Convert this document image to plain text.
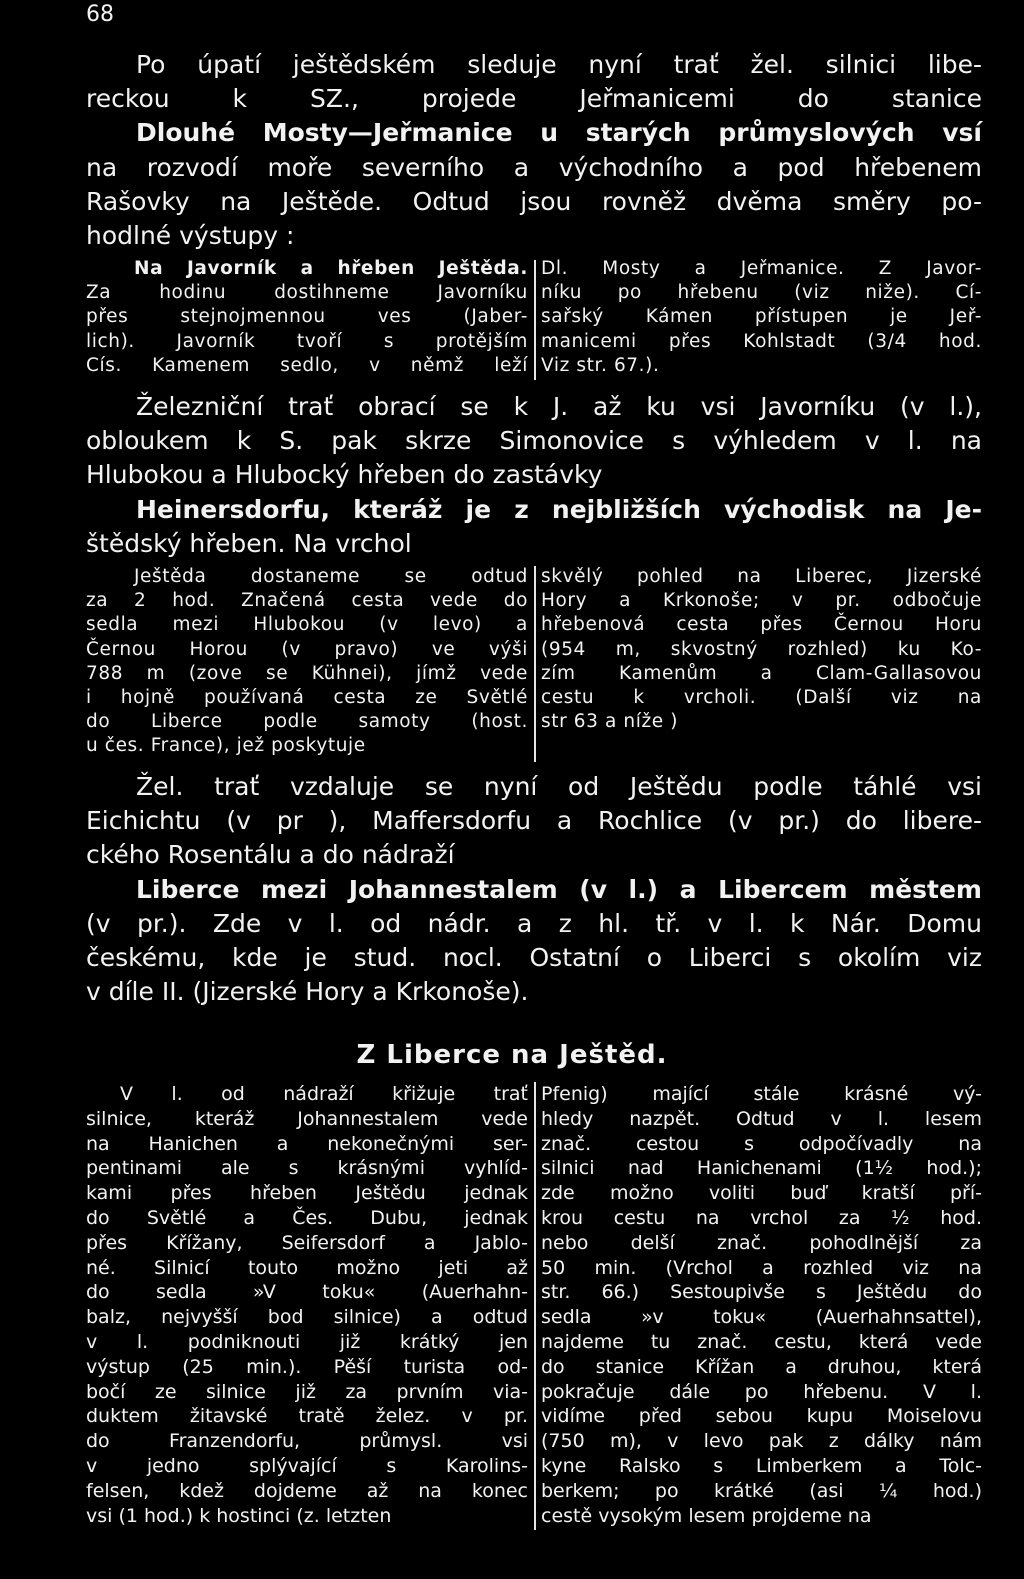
68
Po úpatí ještědském sleduje nyní trať žel. silnici libe-
reckou k SZ., projede Jeřmanicemi do stanice
Dlouhé Mosty—Jeřmanice u starých průmyslových vsí
na rozvodí moře severního a východního a pod hřebenem
Rašovky na Ještěde. Odtud jsou rovněž dvěma směry po-
hodlné výstupy :
Na Javorník a hřeben Ještěda.
Za hodinu dostihneme Javorníku
přes stejnojmennou ves (Jaber-
lich). Javorník tvoří s protějším
Cís. Kamenem sedlo, v němž leží
Dl. Mosty a Jeřmanice. Z Javor-
níku po hřebenu (viz niže). Cí-
sařský Kámen přístupen je Jeř-
manicemi přes Kohlstadt (3/4 hod.
Viz str. 67.).
Železniční trať obrací se k J. až ku vsi Javorníku (v l.),
obloukem k S. pak skrze Simonovice s výhledem v l. na
Hlubokou a Hlubocký hřeben do zastávky
Heinersdorfu, kteráž je z nejbližších východisk na Je-
štědský hřeben. Na vrchol
Ještěda dostaneme se odtud
za 2 hod. Značená cesta vede do
sedla mezi Hlubokou (v levo) a
Černou Horou (v pravo) ve výši
788 m (zove se Kühnei), jímž vede
i hojně používaná cesta ze Světlé
do Liberce podle samoty (host.
u čes. France), jež poskytuje
skvělý pohled na Liberec, Jizerské
Hory a Krkonoše; v pr. odbočuje
hřebenová cesta přes Černou Horu
(954 m, skvostný rozhled) ku Ko-
zím Kamenům a Clam-Gallasovou
cestu k vrcholi. (Další viz na
str 63 a níže )
Žel. trať vzdaluje se nyní od Ještědu podle táhlé vsi
Eichichtu (v pr ), Maffersdorfu a Rochlice (v pr.) do libere-
ckého Rosentálu a do nádraží
Liberce mezi Johannestalem (v l.) a Libercem městem
(v pr.). Zde v l. od nádr. a z hl. tř. v l. k Nár. Domu
českému, kde je stud. nocl. Ostatní o Liberci s okolím viz
v díle II. (Jizerské Hory a Krkonoše).
Z Liberce na Ještěd.
V l. od nádraží křižuje trať
silnice, kteráž Johannestalem vede
na Hanichen a nekonečnými ser-
pentinami ale s krásnými vyhlíd-
kami přes hřeben Ještědu jednak
do Světlé a Čes. Dubu, jednak
přes Křížany, Seifersdorf a Jablo-
né. Silnicí touto možno jeti až
do sedla »V toku« (Auerhahn-
balz, nejvyšší bod silnice) a odtud
v l. podniknouti již krátký jen
výstup (25 min.). Pěší turista od-
bočí ze silnice již za prvním via-
duktem žitavské tratě želez. v pr.
do Franzendorfu, průmysl. vsi
v jedno splývající s Karolins-
felsen, kdež dojdeme až na konec
vsi (1 hod.) k hostinci (z. letzten
Pfenig) mající stále krásné vý-
hledy nazpět. Odtud v l. lesem
znač. cestou s odpočívadly na
silnici nad Hanichenami (1½ hod.);
zde možno voliti buď kratší pří-
krou cestu na vrchol za ½ hod.
nebo delší znač. pohodlnější za
50 min. (Vrchol a rozhled viz na
str. 66.) Sestoupivše s Ještědu do
sedla »v toku« (Auerhahnsattel),
najdeme tu znač. cestu, která vede
do stanice Křížan a druhou, která
pokračuje dále po hřebenu. V l.
vidíme před sebou kupu Moiselovu
(750 m), v levo pak z dálky nám
kyne Ralsko s Limberkem a Tolc-
berkem; po krátké (asi ¼ hod.)
cestě vysokým lesem projdeme na
